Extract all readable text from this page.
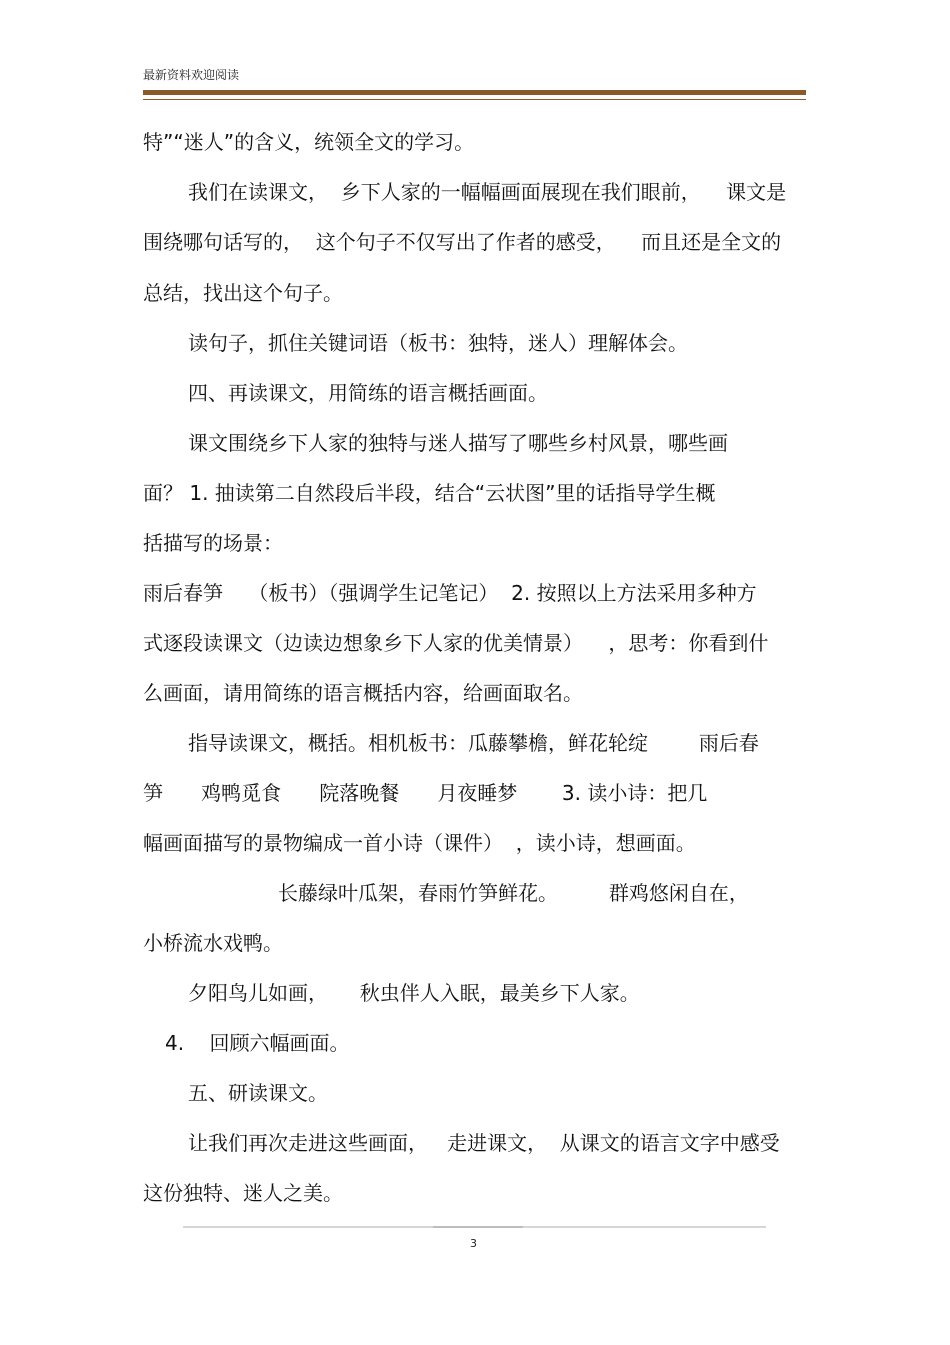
最新资料欢迎阅读
特”“迷人”的含义，统领全文的学习。
我们在读课文，  乡下人家的一幅幅画面展现在我们眼前，    课文是
围绕哪句话写的，  这个句子不仅写出了作者的感受，    而且还是全文的
总结，找出这个句子。
读句子，抓住关键词语（板书：独特，迷人）理解体会。
四、再读课文，用简练的语言概括画面。
课文围绕乡下人家的独特与迷人描写了哪些乡村风景，哪些画
面？ 1. 抽读第二自然段后半段，结合“云状图”里的话指导学生概
括描写的场景：
雨后春笋    （板书）（强调学生记笔记）  2. 按照以上方法采用多种方
式逐段读课文（边读边想象乡下人家的优美情景）    ，思考：你看到什
么画面，请用简练的语言概括内容，给画面取名。
指导读课文，概括。相机板书：瓜藤攀檐，鲜花轮绽        雨后春
笋      鸡鸭觅食      院落晚餐      月夜睡梦       3. 读小诗：把几
幅画面描写的景物编成一首小诗（课件）  ，读小诗，想画面。
长藤绿叶瓜架，春雨竹笋鲜花。        群鸡悠闲自在，
小桥流水戏鸭。
夕阳鸟儿如画，     秋虫伴人入眠，最美乡下人家。
4.    回顾六幅画面。
五、研读课文。
让我们再次走进这些画面，   走进课文，  从课文的语言文字中感受
这份独特、迷人之美。
3
